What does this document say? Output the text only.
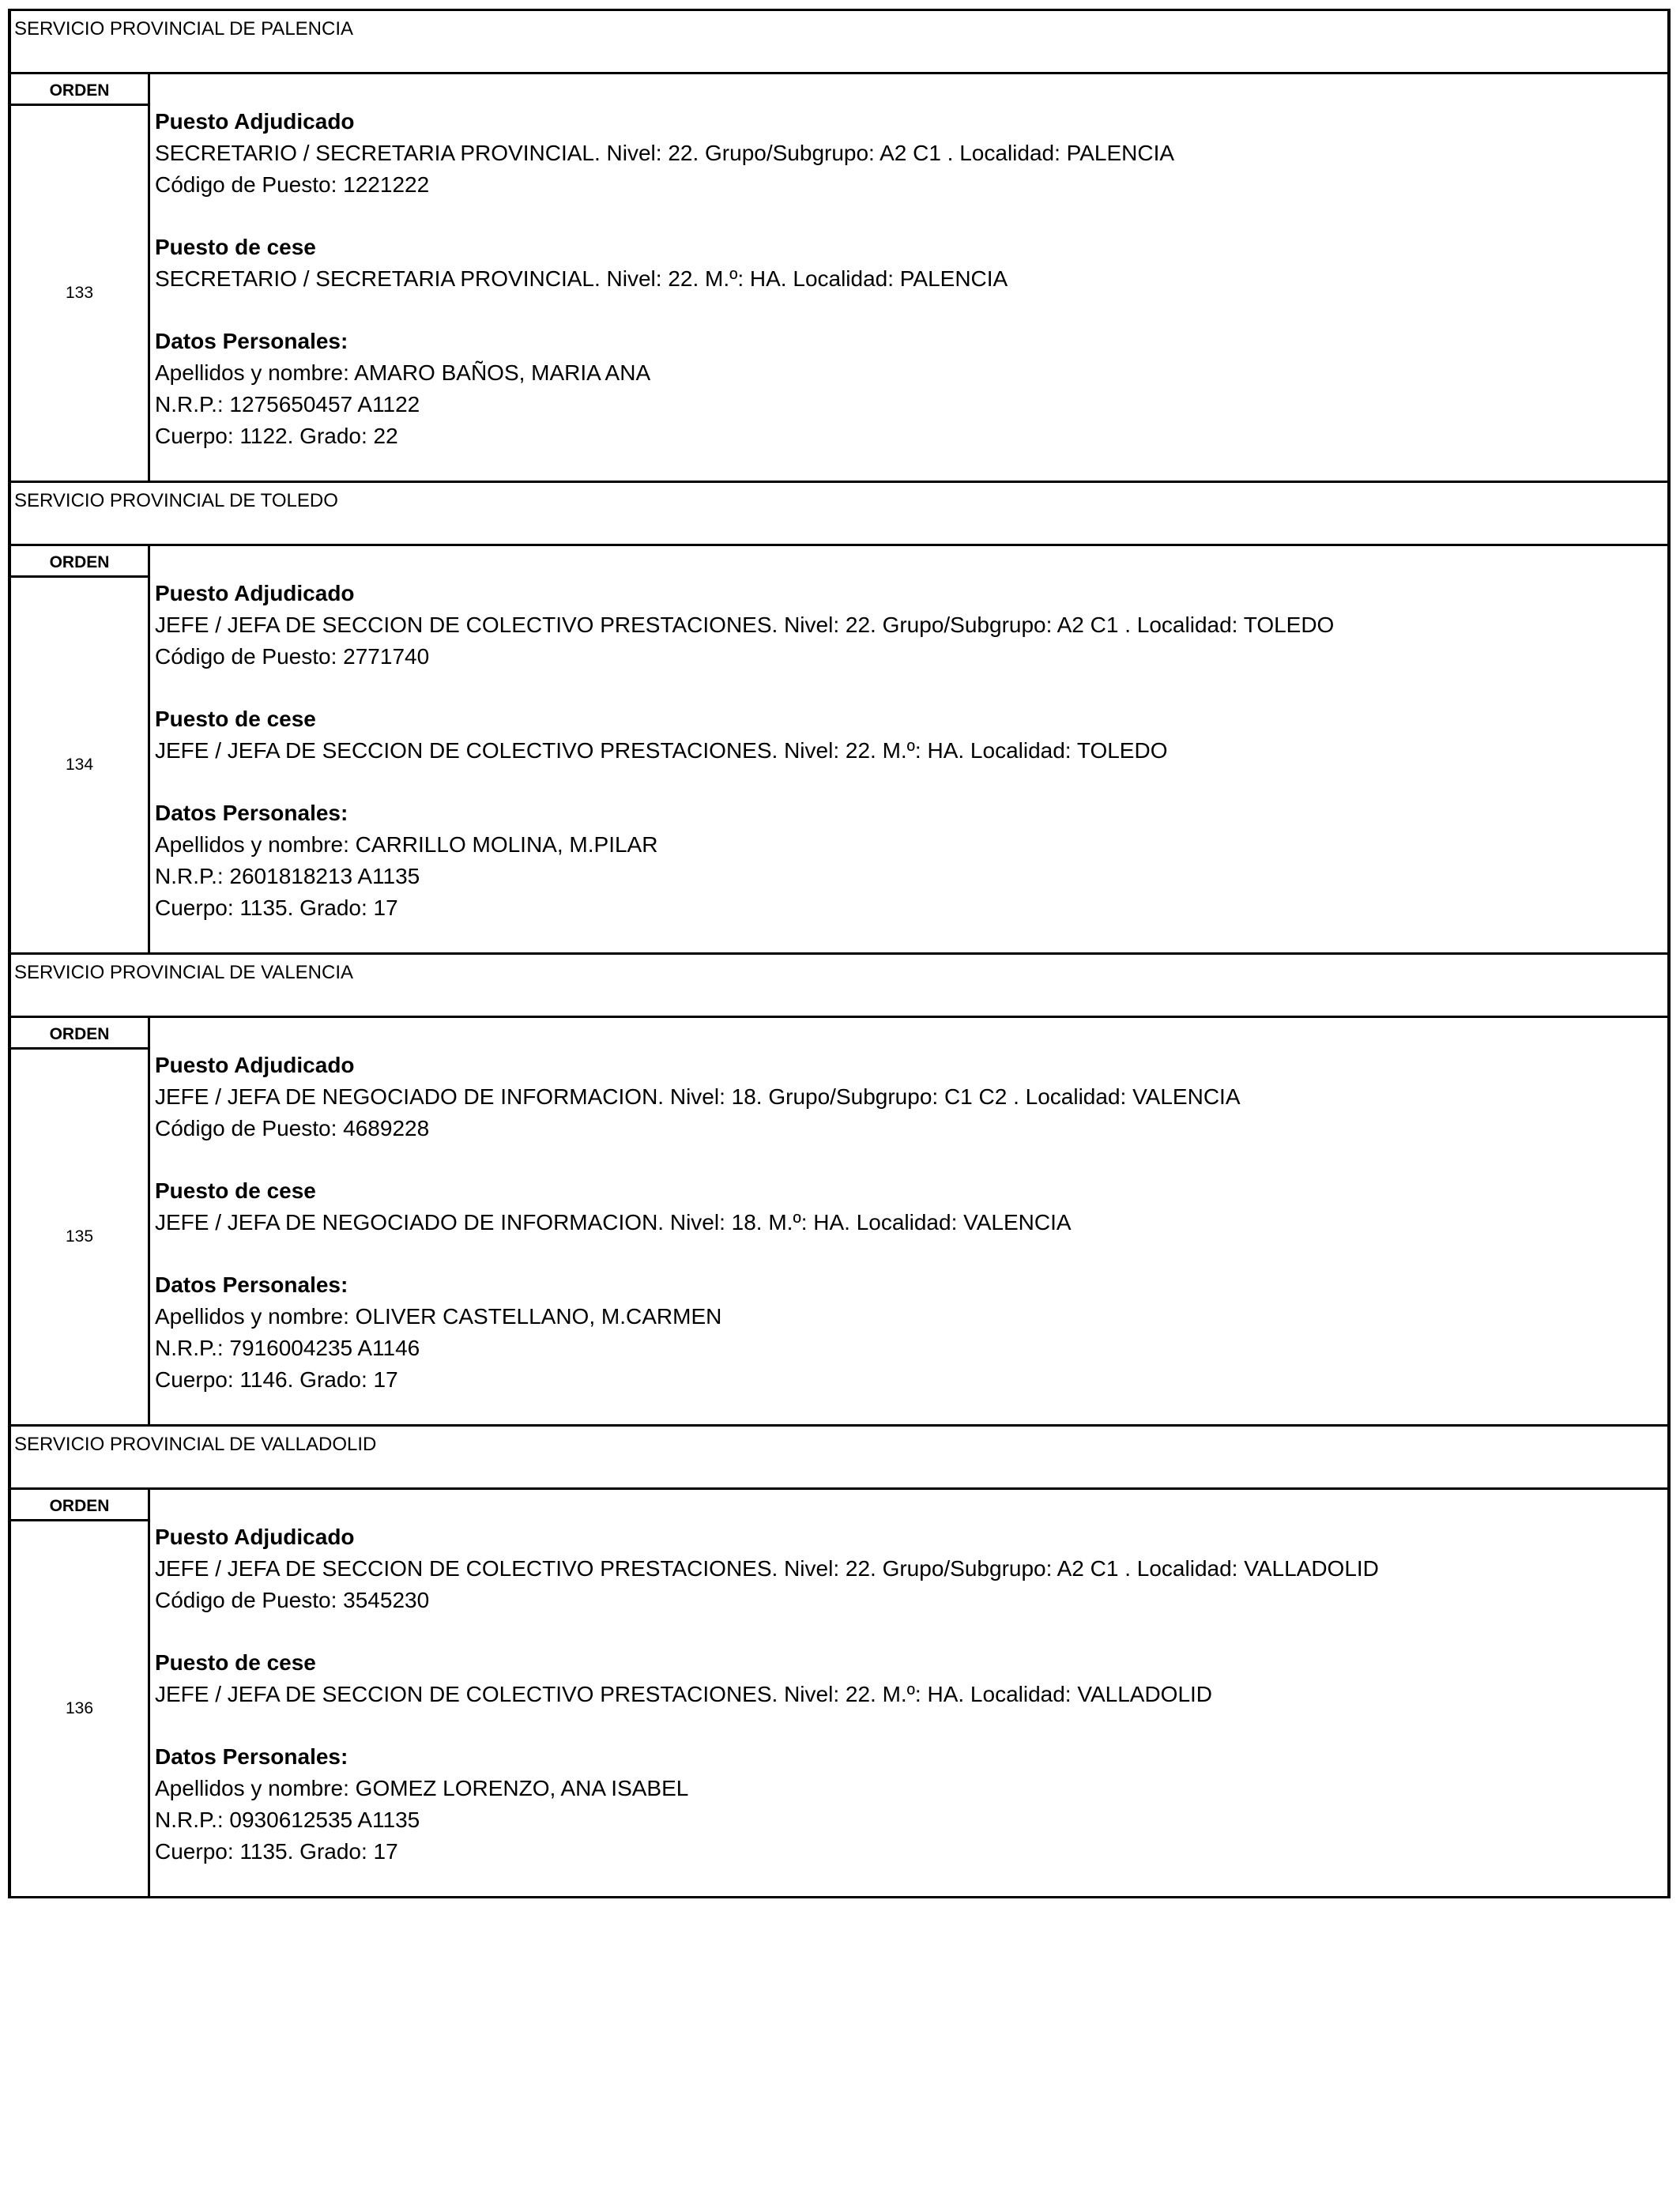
SERVICIO PROVINCIAL DE PALENCIA
ORDEN
133
Puesto Adjudicado
SECRETARIO / SECRETARIA PROVINCIAL. Nivel: 22. Grupo/Subgrupo: A2 C1 . Localidad: PALENCIA
Código de Puesto: 1221222
Puesto de cese
SECRETARIO / SECRETARIA PROVINCIAL. Nivel: 22. M.º: HA. Localidad: PALENCIA
Datos Personales:
Apellidos y nombre: AMARO BAÑOS, MARIA ANA
N.R.P.: 1275650457 A1122
Cuerpo: 1122. Grado: 22
SERVICIO PROVINCIAL DE TOLEDO
ORDEN
134
Puesto Adjudicado
JEFE / JEFA DE SECCION DE COLECTIVO PRESTACIONES. Nivel: 22. Grupo/Subgrupo: A2 C1 . Localidad: TOLEDO
Código de Puesto: 2771740
Puesto de cese
JEFE / JEFA DE SECCION DE COLECTIVO PRESTACIONES. Nivel: 22. M.º: HA. Localidad: TOLEDO
Datos Personales:
Apellidos y nombre: CARRILLO MOLINA, M.PILAR
N.R.P.: 2601818213 A1135
Cuerpo: 1135. Grado: 17
SERVICIO PROVINCIAL DE VALENCIA
ORDEN
135
Puesto Adjudicado
JEFE / JEFA DE NEGOCIADO DE INFORMACION. Nivel: 18. Grupo/Subgrupo: C1 C2 . Localidad: VALENCIA
Código de Puesto: 4689228
Puesto de cese
JEFE / JEFA DE NEGOCIADO DE INFORMACION. Nivel: 18. M.º: HA. Localidad: VALENCIA
Datos Personales:
Apellidos y nombre: OLIVER CASTELLANO, M.CARMEN
N.R.P.: 7916004235 A1146
Cuerpo: 1146. Grado: 17
SERVICIO PROVINCIAL DE VALLADOLID
ORDEN
136
Puesto Adjudicado
JEFE / JEFA DE SECCION DE COLECTIVO PRESTACIONES. Nivel: 22. Grupo/Subgrupo: A2 C1 . Localidad: VALLADOLID
Código de Puesto: 3545230
Puesto de cese
JEFE / JEFA DE SECCION DE COLECTIVO PRESTACIONES. Nivel: 22. M.º: HA. Localidad: VALLADOLID
Datos Personales:
Apellidos y nombre: GOMEZ LORENZO, ANA ISABEL
N.R.P.: 0930612535 A1135
Cuerpo: 1135. Grado: 17
